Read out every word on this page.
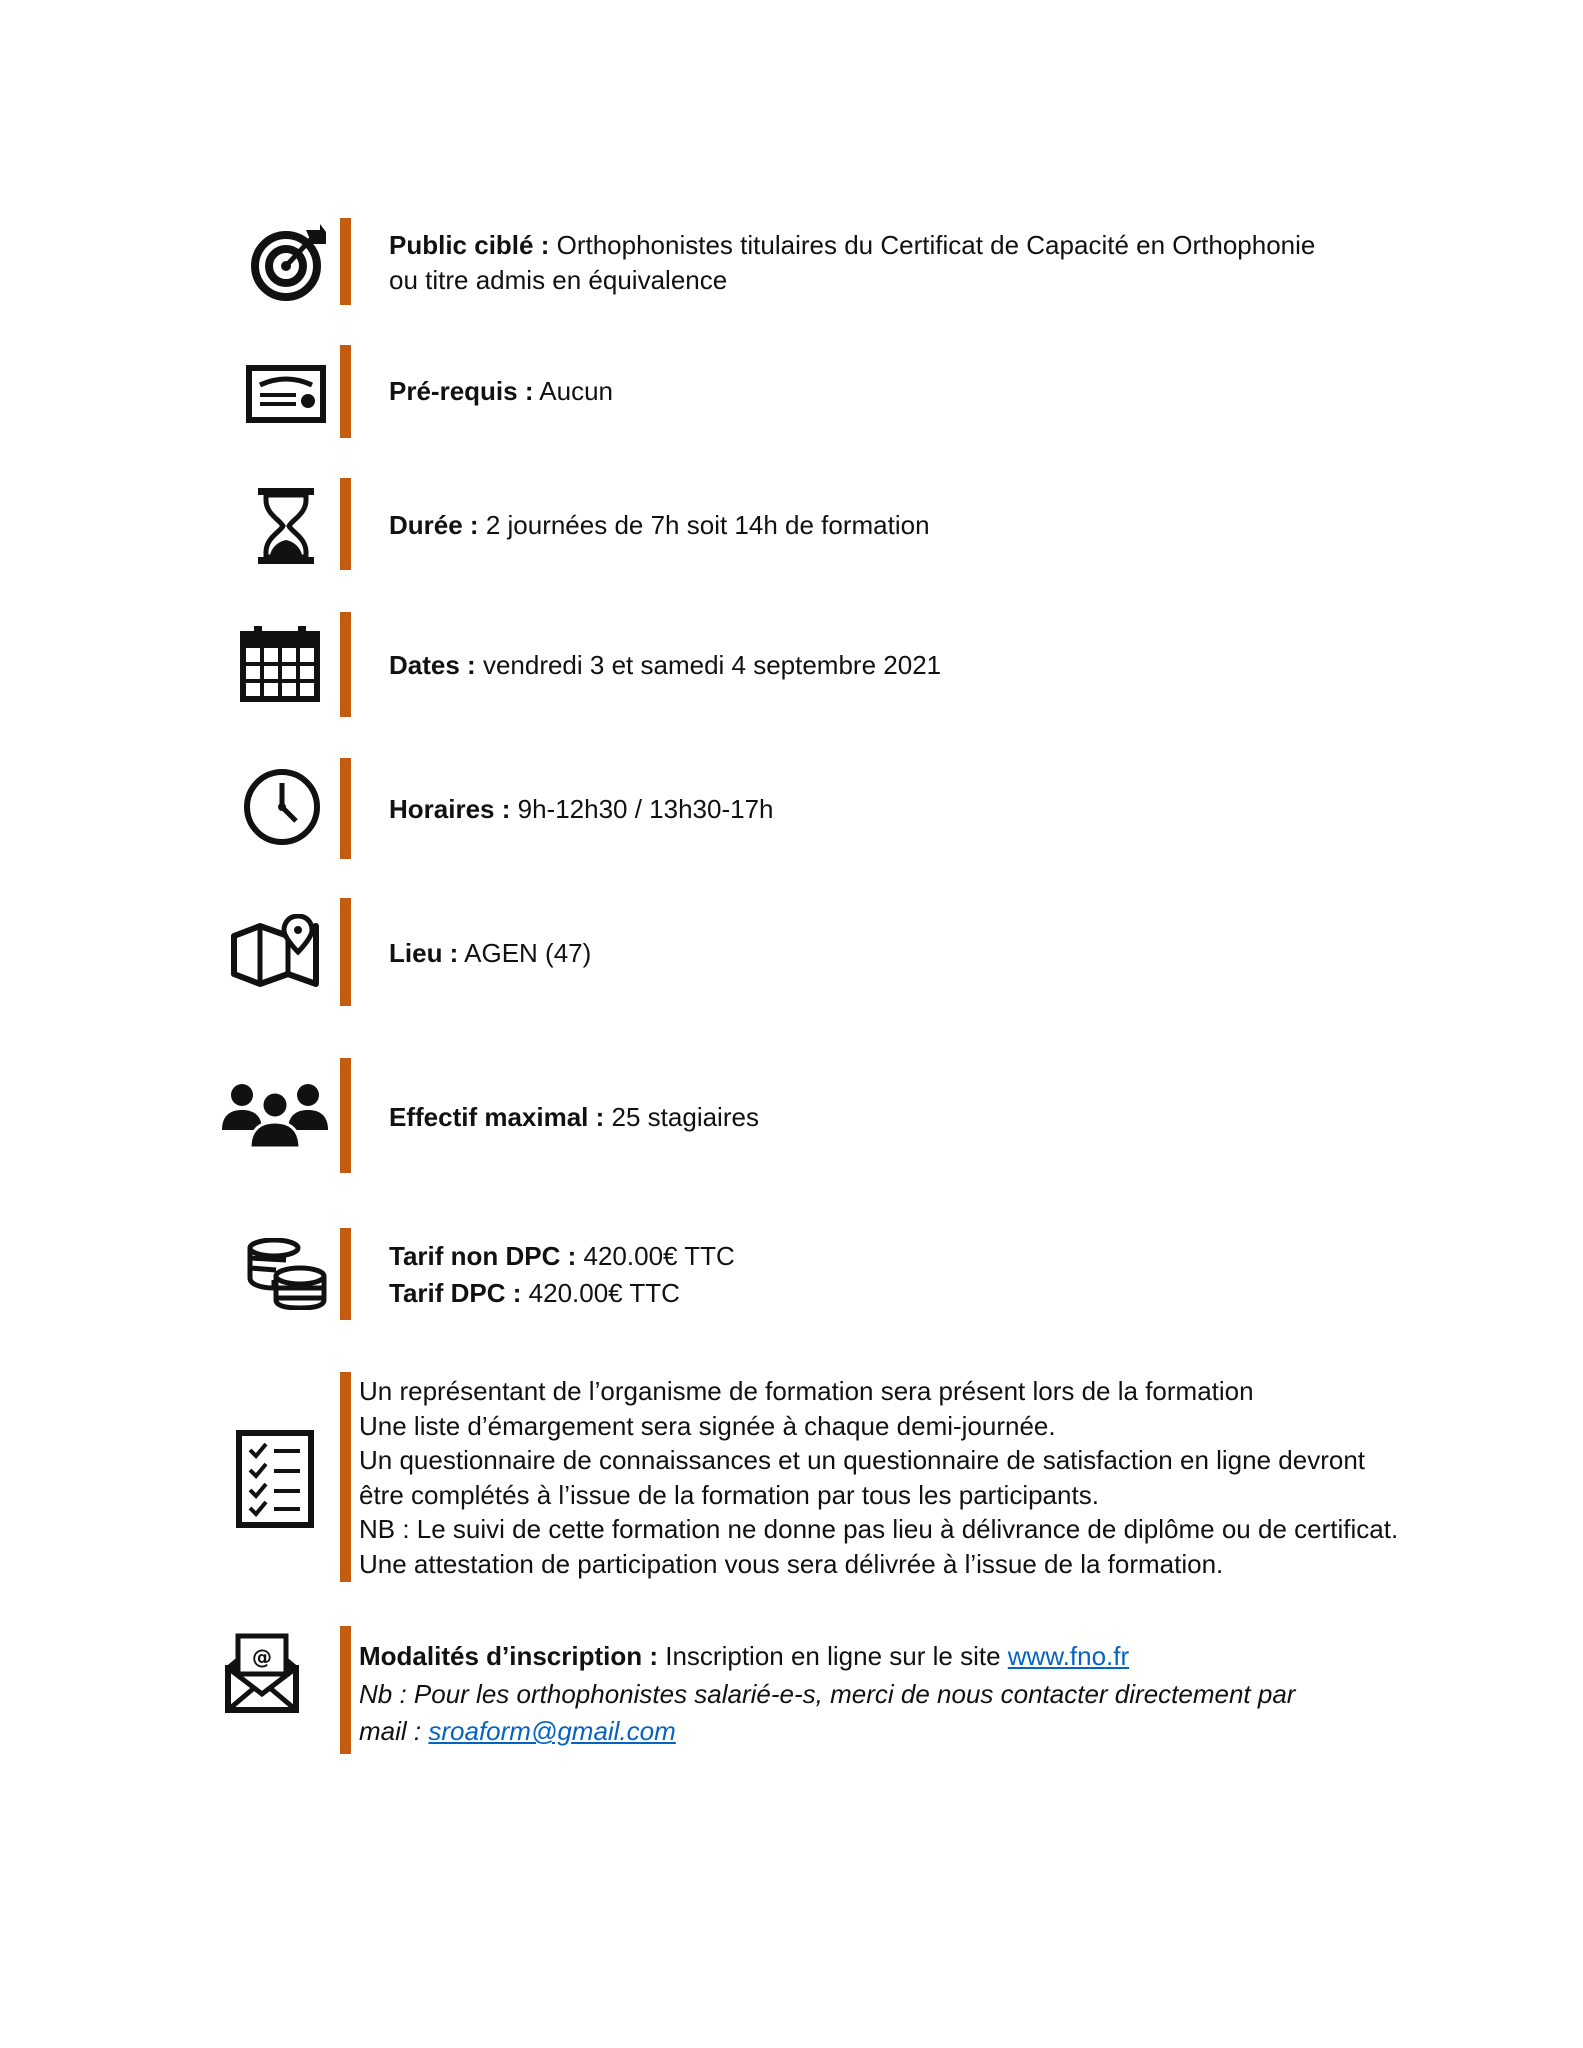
Public ciblé : Orthophonistes titulaires du Certificat de Capacité en Orthophonie
ou titre admis en équivalence
Pré-requis : Aucun
Durée : 2 journées de 7h soit 14h de formation
Dates : vendredi 3 et samedi 4 septembre 2021
Horaires : 9h-12h30 / 13h30-17h
Lieu : AGEN (47)
Effectif maximal : 25 stagiaires
Tarif non DPC : 420.00€ TTC
Tarif DPC : 420.00€ TTC
Un représentant de l’organisme de formation sera présent lors de la formation
Une liste d’émargement sera signée à chaque demi-journée.
Un questionnaire de connaissances et un questionnaire de satisfaction en ligne devront
être complétés à l’issue de la formation par tous les participants.
NB : Le suivi de cette formation ne donne pas lieu à délivrance de diplôme ou de certificat.
Une attestation de participation vous sera délivrée à l’issue de la formation.
@	Modalités d’inscription : Inscription en ligne sur le site www.fno.fr
Nb : Pour les orthophonistes salarié-e-s, merci de nous contacter directement par
mail : sroaform@gmail.com
